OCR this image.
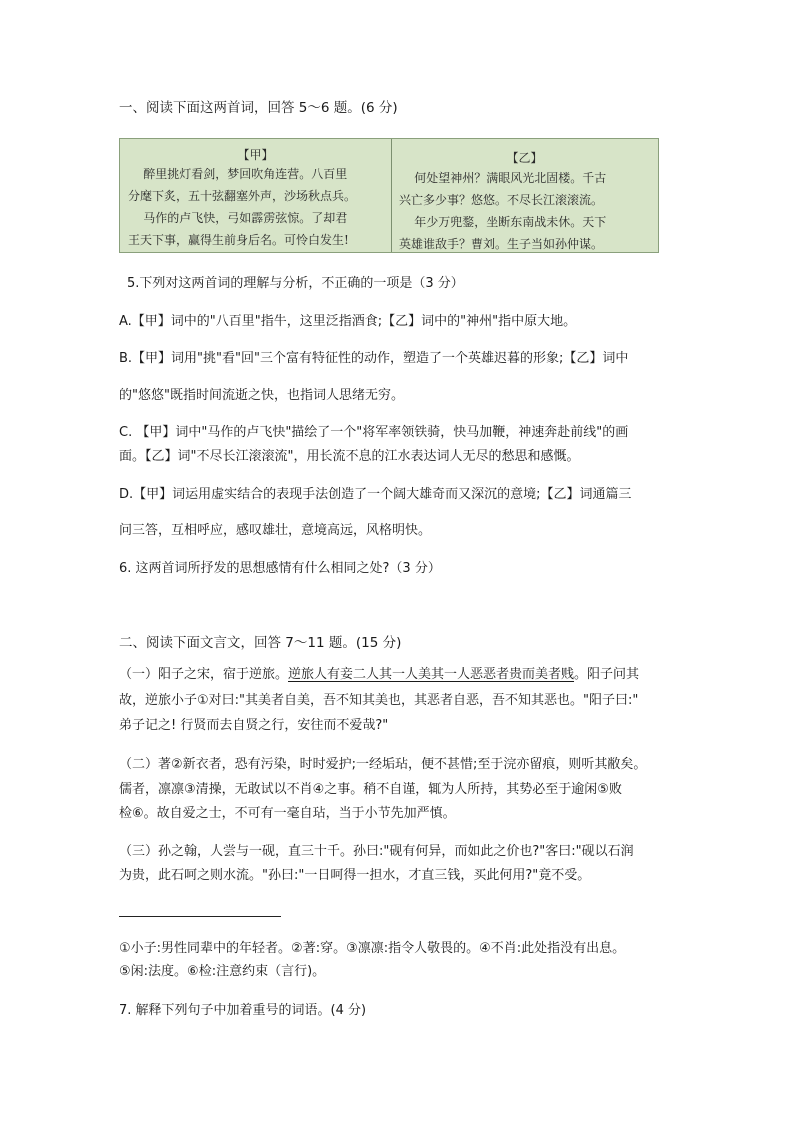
一、阅读下面这两首词，回答 5～6 题。(6 分)
【甲】
醉里挑灯看剑，梦回吹角连营。八百里
分麾下炙，五十弦翻塞外声，沙场秋点兵。
马作的卢飞快，弓如霹雳弦惊。了却君
王天下事，赢得生前身后名。可怜白发生!
【乙】
何处望神州？满眼风光北固楼。千古
兴亡多少事？悠悠。不尽长江滚滚流。
年少万兜鍪，坐断东南战未休。天下
英雄谁敌手？曹刘。生子当如孙仲谋。
5.下列对这两首词的理解与分析，不正确的一项是（3 分）
A.【甲】词中的"八百里"指牛，这里泛指酒食;【乙】词中的"神州"指中原大地。
B.【甲】词用"挑"看"回"三个富有特征性的动作，塑造了一个英雄迟暮的形象;【乙】词中
的"悠悠"既指时间流逝之快，也指词人思绪无穷。
C. 【甲】词中"马作的卢飞快"描绘了一个"将军率领铁骑，快马加鞭，神速奔赴前线"的画
面。【乙】词"不尽长江滚滚流"，用长流不息的江水表达词人无尽的愁思和感慨。
D.【甲】词运用虚实结合的表现手法创造了一个阔大雄奇而又深沉的意境;【乙】词通篇三
问三答，互相呼应，感叹雄壮，意境高远，风格明快。
6. 这两首词所抒发的思想感情有什么相同之处?（3 分）
二、阅读下面文言文，回答 7～11 题。(15 分)
（一）阳子之宋，宿于逆旅。逆旅人有妾二人其一人美其一人恶恶者贵而美者贱。阳子问其
故，逆旅小子①对曰:"其美者自美，吾不知其美也，其恶者自恶，吾不知其恶也。"阳子曰:"
弟子记之! 行贤而去自贤之行，安往而不爱哉?"
（二）著②新衣者，恐有污染，时时爱护;一经垢玷，便不甚惜;至于浣亦留痕，则听其敝矣。
儒者，凛凛③清操，无敢试以不肖④之事。稍不自谨，辄为人所持，其势必至于逾闲⑤败
检⑥。故自爱之士，不可有一毫自玷，当于小节先加严慎。
（三）孙之翰，人尝与一砚，直三十千。孙曰:"砚有何异，而如此之价也?"客曰:"砚以石润
为贵，此石呵之则水流。"孙曰:"一日呵得一担水，才直三钱，买此何用?"竟不受。
①小子:男性同辈中的年轻者。②著:穿。③凛凛:指令人敬畏的。④不肖:此处指没有出息。
⑤闲:法度。⑥检:注意约束（言行)。
7. 解释下列句子中加着重号的词语。(4 分)
